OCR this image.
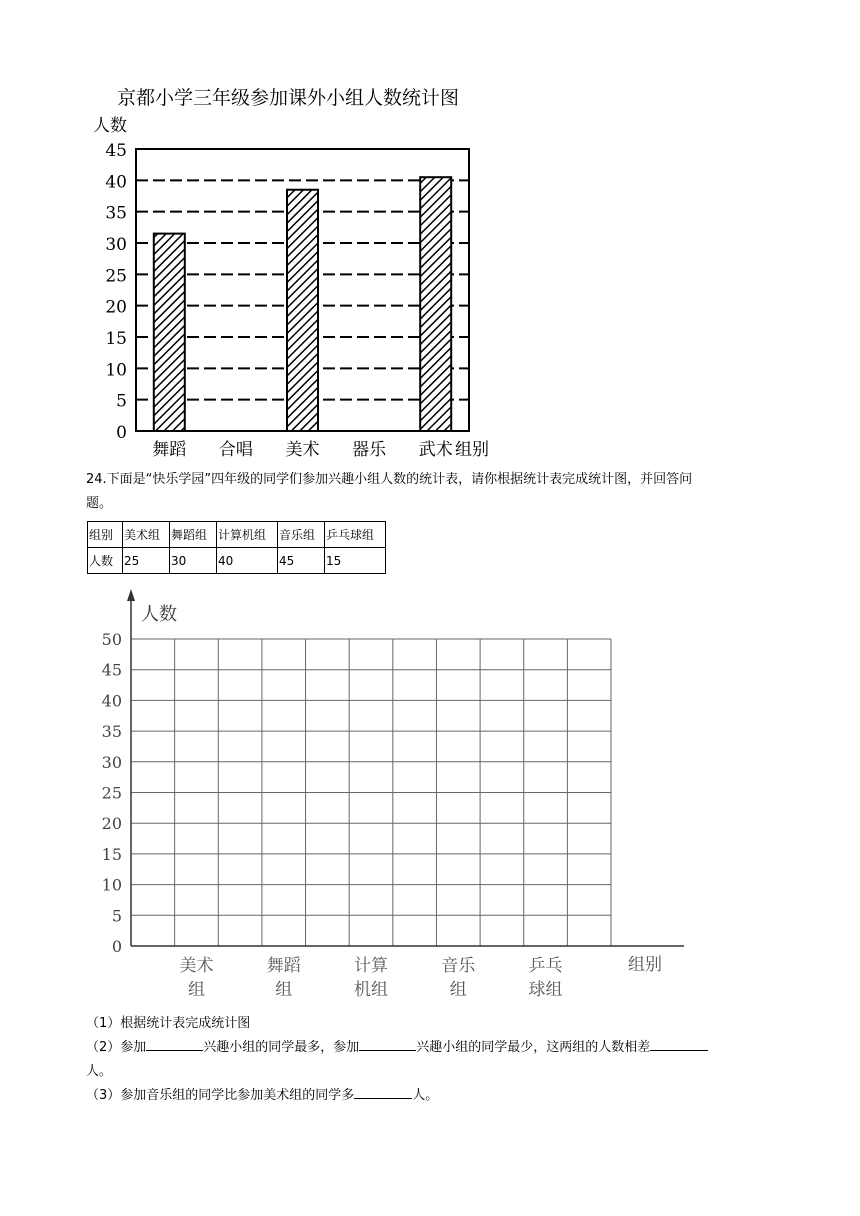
京都小学三年级参加课外小组人数统计图
人数
0
5
10
15
20
25
30
35
40
45
舞蹈 合唱 美术 器乐 武术 组别
24.下面是“快乐学园”四年级的同学们参加兴趣小组人数的统计表，请你根据统计表完成统计图，并回答问
题。
组别	美术组	舞蹈组	计算机组	音乐组	乒乓球组
人数	25	30	40	45	15
人数
0
5
10
15
20
25
30
35
40
45
50
美术
组
舞蹈
组
计算
机组
音乐
组
乒乓
球组
组别
（1）根据统计表完成统计图
（2）参加	兴趣小组的同学最多，参加	兴趣小组的同学最少，这两组的人数相差
人。
（3）参加音乐组的同学比参加美术组的同学多	人。
